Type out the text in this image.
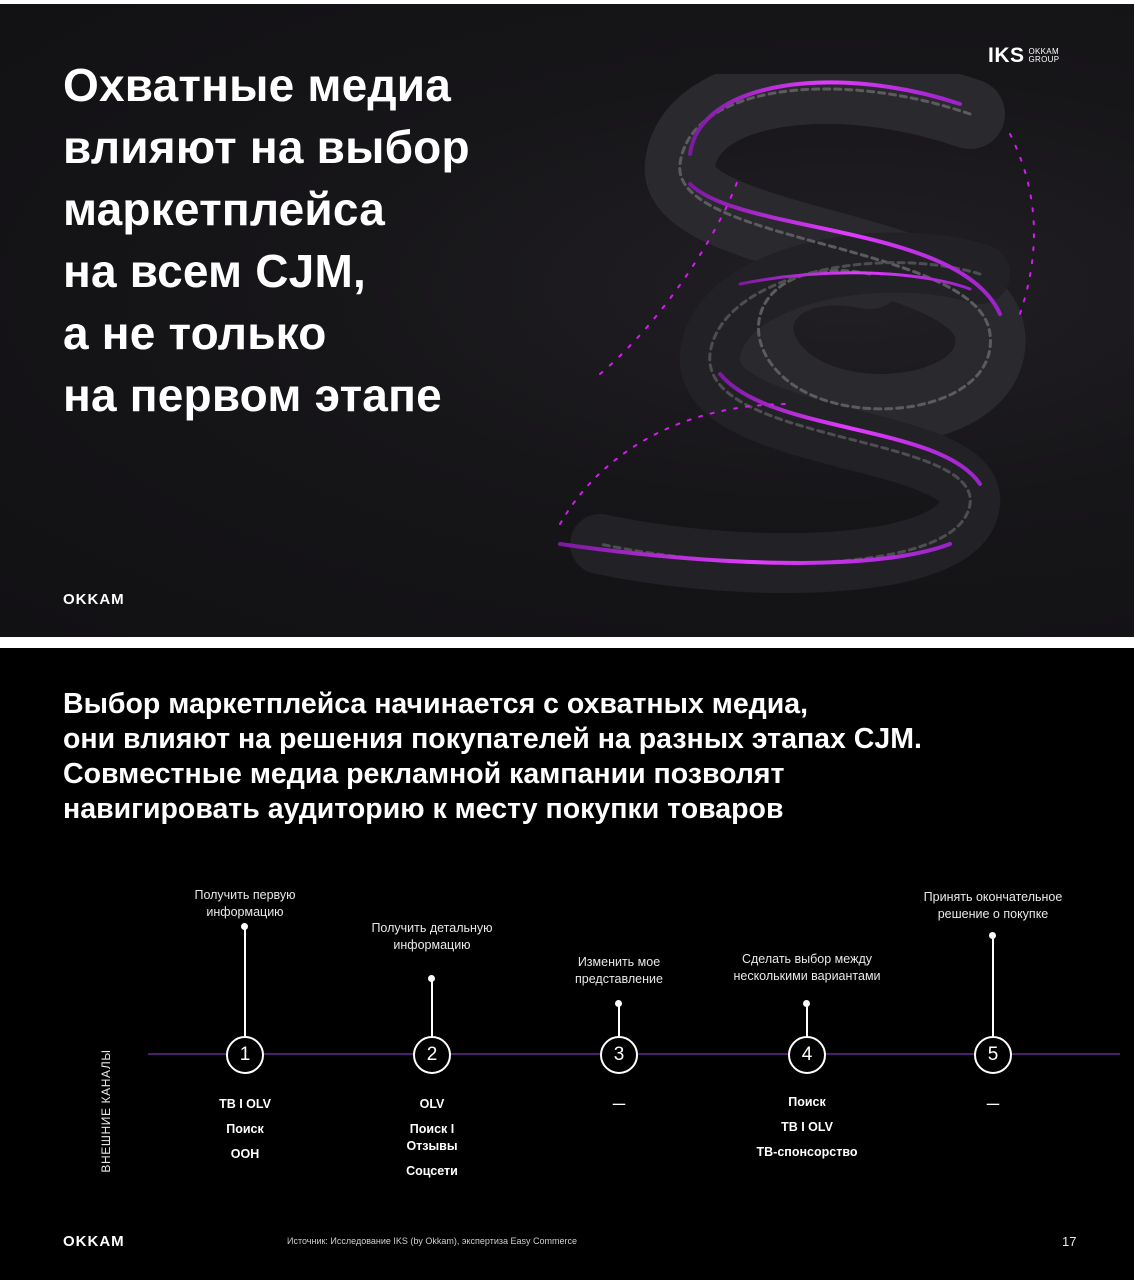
Охватные медиа
влияют на выбор
маркетплейса
на всем CJM,
а не только
на первом этапе
IKS OKKAM
GROUP
OKKAM
Выбор маркетплейса начинается с охватных медиа,
они влияют на решения покупателей на разных этапах CJM.
Совместные медиа рекламной кампании позволят
навигировать аудиторию к месту покупки товаров
ВНЕШНИЕ КАНАЛЫ
Получить первую
информацию
1
ТВ I OLV
Поиск
OOH
Получить детальную
информацию
2
OLV
Поиск I
Отзывы
Соцсети
Изменить мое
представление
3
—
Сделать выбор между
несколькими вариантами
4
Поиск
ТВ I OLV
ТВ-спонсорство
Принять окончательное
решение о покупке
5
—
OKKAM	Источник: Исследование IKS (by Okkam), экспертиза Easy Commerce	17
